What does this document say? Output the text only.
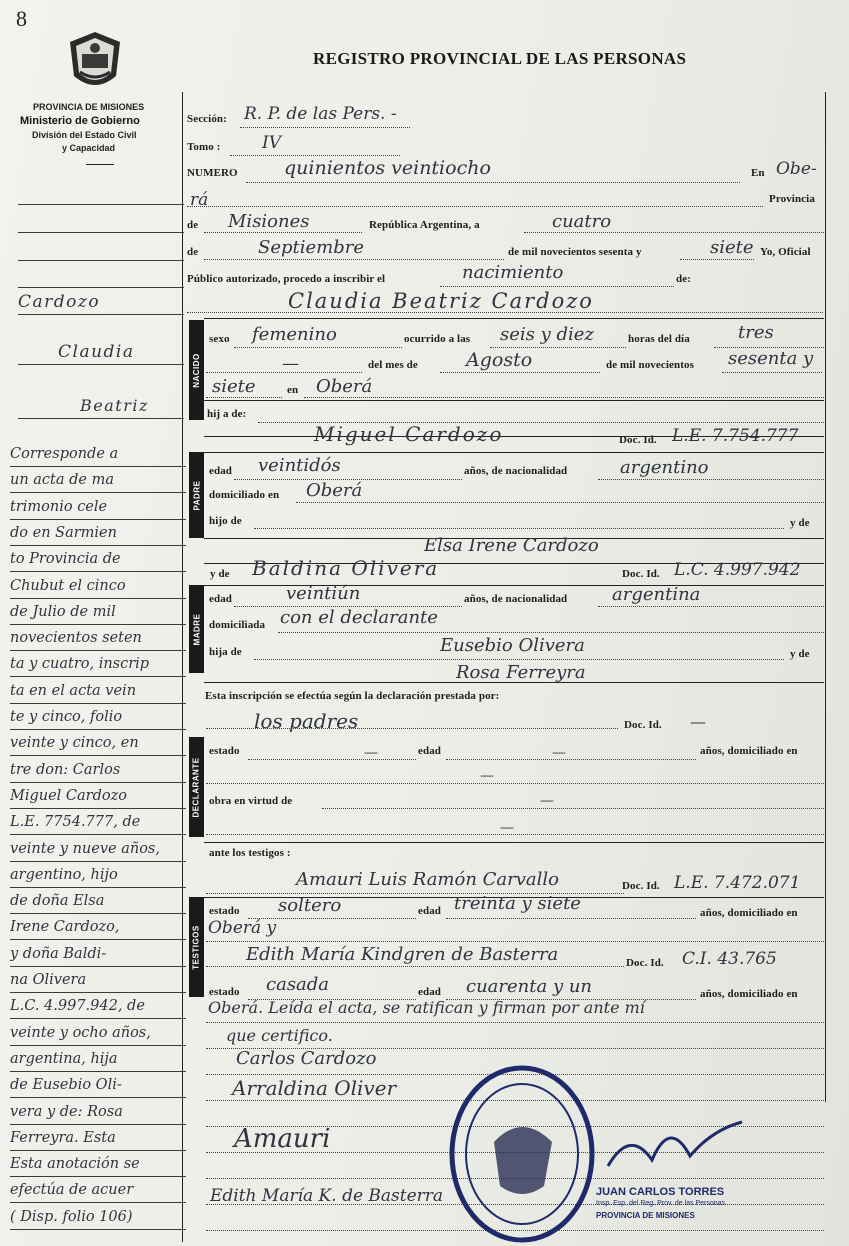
8
PROVINCIA DE MISIONES
Ministerio de Gobierno
División del Estado Civil
y Capacidad
REGISTRO PROVINCIAL DE LAS PERSONAS
Sección: R. P. de las Pers. -
Tomo : IV
NUMERO quinientos veintiocho	En Obe-
rá	Provincia
de Misiones	República Argentina, a	cuatro
de	Septiembre	de mil novecientos sesenta y	siete Yo, Oficial
Público autorizado, procedo a inscribir el	nacimiento	de:
Claudia Beatriz Cardozo
NACIDO
sexo femenino	ocurrido a las seis y diez	horas del día	tres
—	del mes de	Agosto	de mil novecientos sesenta y
siete	en Oberá
hij a de:
Miguel Cardozo	Doc. Id. L.E. 7.754.777
PADRE
edad veintidós	años, de nacionalidad	argentino
domiciliado en Oberá
hijo de	y de
Elsa Irene Cardozo
y de Baldina Olivera	Doc. Id. L.C. 4.997.942
MADRE
edad	veintiún	años, de nacionalidad argentina
domiciliada con el declarante
hija de	Eusebio Olivera	y de
Rosa Ferreyra
Esta inscripción se efectúa según la declaración prestada por:
los padres	Doc. Id. —
DECLARANTE
estado	—	edad	—	años, domiciliado en
—
obra en virtud de	—
—
ante los testigos :
Amauri Luis Ramón Carvallo	Doc. Id. L.E. 7.472.071
TESTIGOS
estado soltero	edad treinta y siete	años, domiciliado en
Oberá y
Edith María Kindgren de Basterra	Doc. Id. C.I. 43.765
estado casada	edad cuarenta y un	años, domiciliado en
Oberá. Leída el acta, se ratifican y firman por ante mí
que certifico.
Carlos Cardozo
Arraldina Oliver
Amauri
Edith María K. de Basterra	JUAN CARLOS TORRES
Insp. Esp. del Reg. Prov. de las Personas
PROVINCIA DE MISIONES
Cardozo
Claudia
Beatriz
Corresponde a
un acta de ma
trimonio cele
do en Sarmien
to Provincia de
Chubut el cinco
de Julio de mil
novecientos seten
ta y cuatro, inscrip
ta en el acta vein
te y cinco, folio
veinte y cinco, en
tre don: Carlos
Miguel Cardozo
L.E. 7754.777, de
veinte y nueve años,
argentino, hijo
de doña Elsa
Irene Cardozo,
y doña Baldi-
na Olivera
L.C. 4.997.942, de
veinte y ocho años,
argentina, hija
de Eusebio Oli-
vera y de: Rosa
Ferreyra. Esta
Esta anotación se
efectúa de acuer
( Disp. folio 106)
